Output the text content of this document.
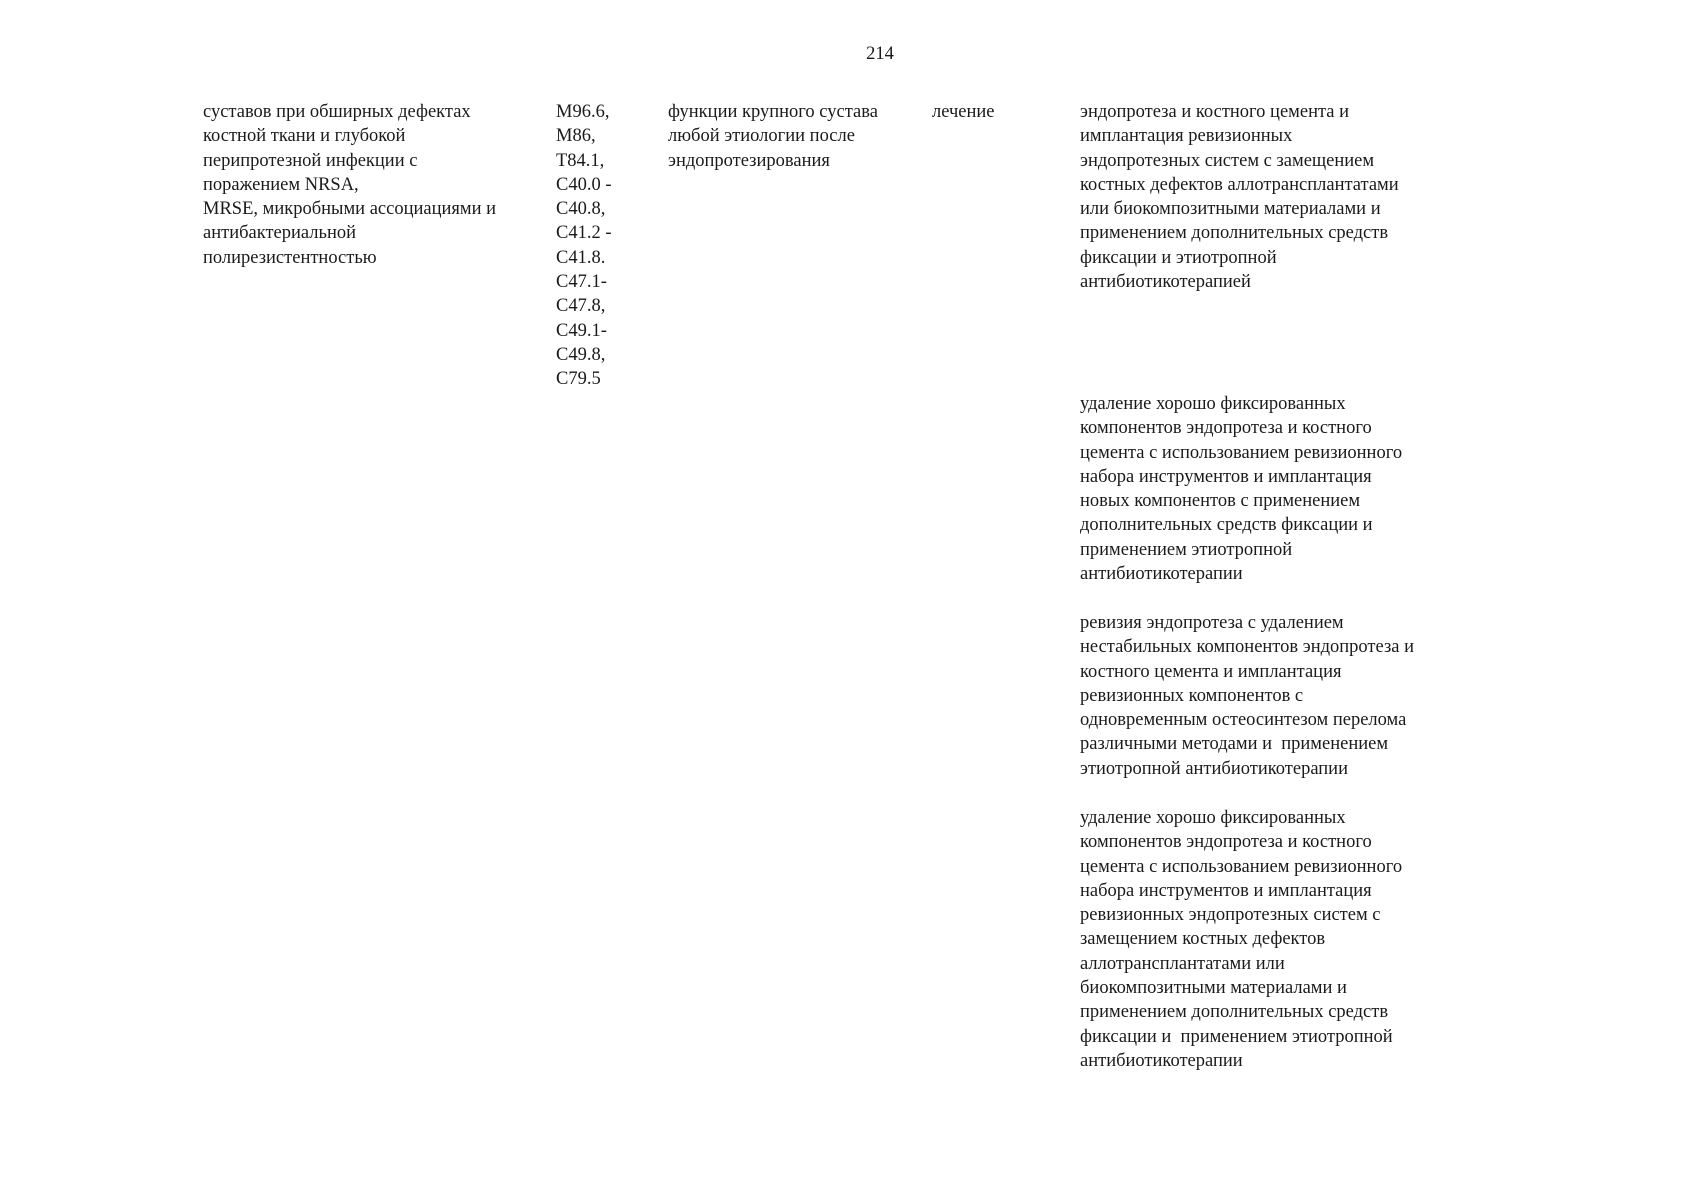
214
суставов при обширных дефектах
костной ткани и глубокой
перипротезной инфекции с
поражением NRSA,
MRSE, микробными ассоциациями и
антибактериальной
полирезистентностью
M96.6,
M86,
T84.1,
C40.0 -
C40.8,
C41.2 -
C41.8.
C47.1-
C47.8,
C49.1-
C49.8,
C79.5
функции крупного сустава
любой этиологии после
эндопротезирования
лечение	эндопротеза и костного цемента и
имплантация ревизионных
эндопротезных систем с замещением
костных дефектов аллотрансплантатами
или биокомпозитными материалами и
применением дополнительных средств
фиксации и этиотропной
антибиотикотерапией
удаление хорошо фиксированных
компонентов эндопротеза и костного
цемента с использованием ревизионного
набора инструментов и имплантация
новых компонентов с применением
дополнительных средств фиксации и
применением этиотропной
антибиотикотерапии
ревизия эндопротеза с удалением
нестабильных компонентов эндопротеза и
костного цемента и имплантация
ревизионных компонентов с
одновременным остеосинтезом перелома
различными методами и  применением
этиотропной антибиотикотерапии
удаление хорошо фиксированных
компонентов эндопротеза и костного
цемента с использованием ревизионного
набора инструментов и имплантация
ревизионных эндопротезных систем с
замещением костных дефектов
аллотрансплантатами или
биокомпозитными материалами и
применением дополнительных средств
фиксации и  применением этиотропной
антибиотикотерапии
